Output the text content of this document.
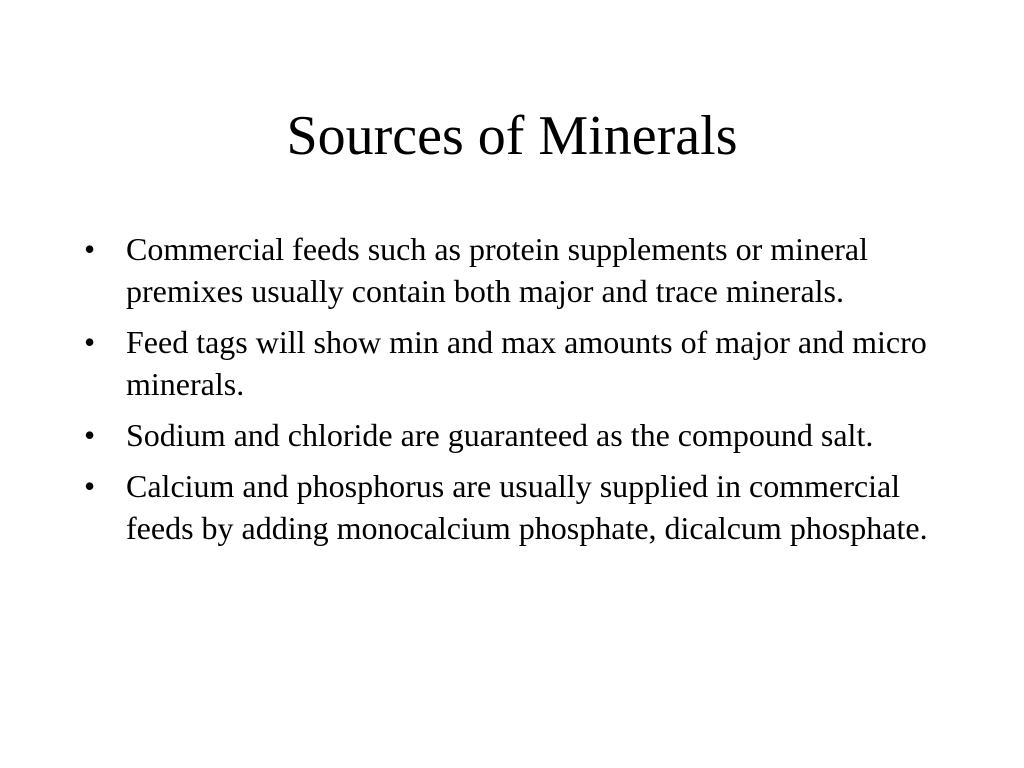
Sources of Minerals
• Commercial feeds such as protein supplements or mineral premixes usually contain both major and trace minerals.
• Feed tags will show min and max amounts of major and micro minerals.
• Sodium and chloride are guaranteed as the compound salt.
• Calcium and phosphorus are usually supplied in commercial feeds by adding monocalcium phosphate, dicalcum phosphate.
